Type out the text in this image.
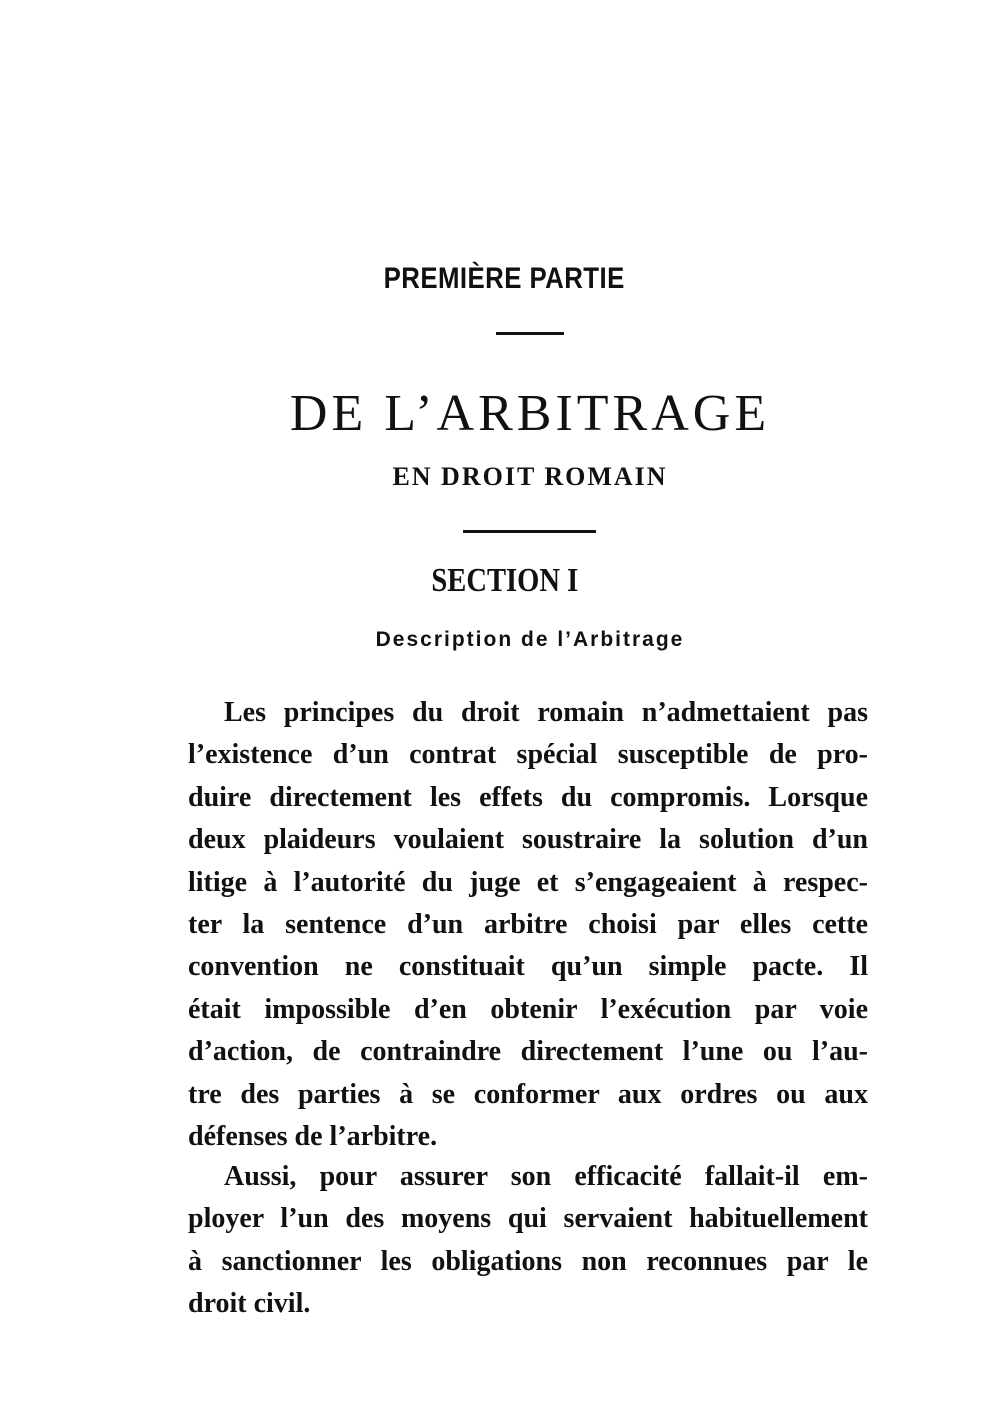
PREMIÈRE PARTIE
DE L’ARBITRAGE
EN DROIT ROMAIN
SECTION I
Description de l’Arbitrage
Les principes du droit romain n’admettaient pas
l’existence d’un contrat spécial susceptible de pro-
duire directement les effets du compromis. Lorsque
deux plaideurs voulaient soustraire la solution d’un
litige à l’autorité du juge et s’engageaient à respec-
ter la sentence d’un arbitre choisi par elles cette
convention ne constituait qu’un simple pacte. Il
était impossible d’en obtenir l’exécution par voie
d’action, de contraindre directement l’une ou l’au-
tre des parties à se conformer aux ordres ou aux
défenses de l’arbitre.
Aussi, pour assurer son efficacité fallait-il em-
ployer l’un des moyens qui servaient habituellement
à sanctionner les obligations non reconnues par le
droit civil.
